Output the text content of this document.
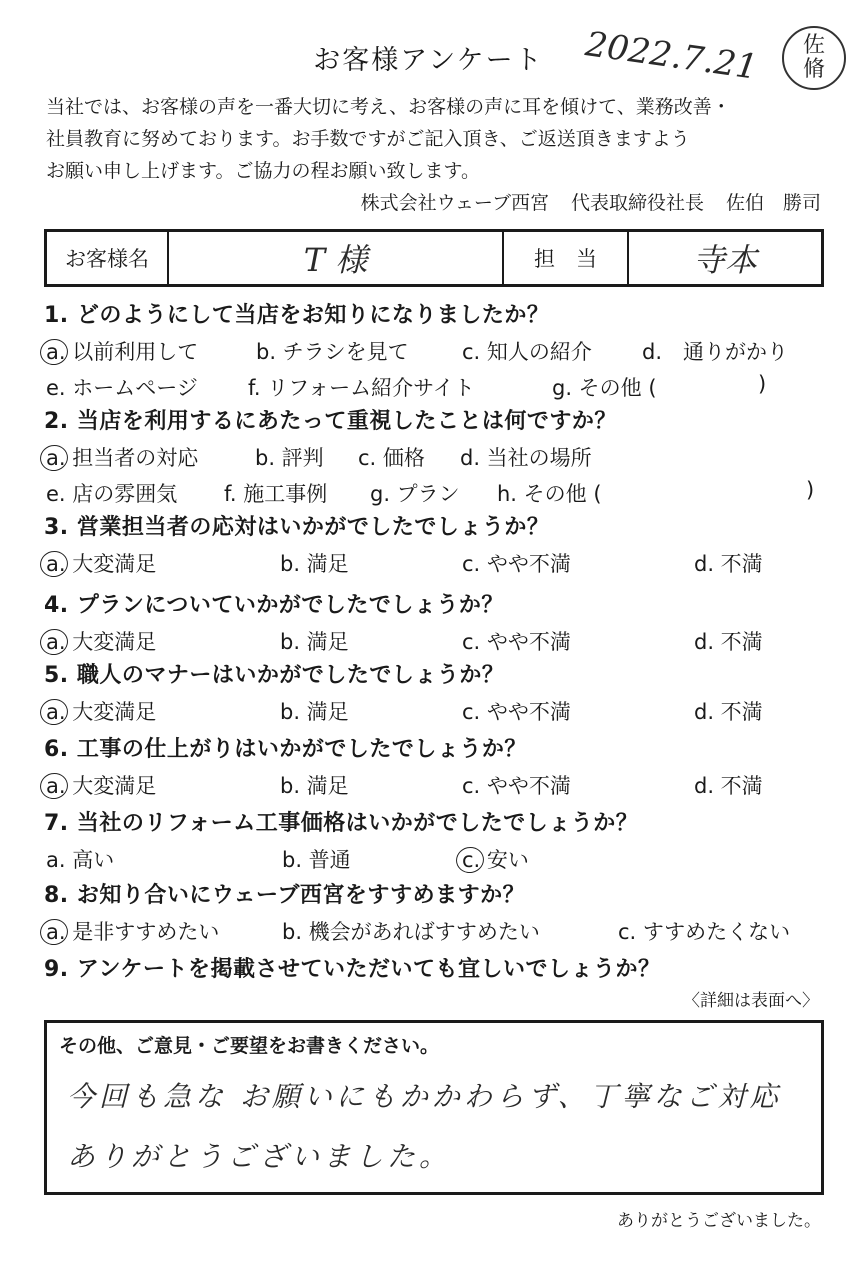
お客様アンケート	2022.7.21 佐
脩
当社では、お客様の声を一番大切に考え、お客様の声に耳を傾けて、業務改善・
社員教育に努めております。お手数ですがご記入頂き、ご返送頂きますよう
お願い申し上げます。ご協力の程お願い致します。
株式会社ウェーブ西宮 代表取締役社長 佐伯　勝司
お客様名	T 様	担　当	寺本
1. どのようにして当店をお知りになりましたか？
a. 以前利用して	b. チラシを見て	c. 知人の紹介 d.　通りがかり
e. ホームページ f. リフォーム紹介サイト	g. その他 (	)
2. 当店を利用するにあたって重視したことは何ですか？
a. 担当者の対応	b. 評判 c. 価格 d. 当社の場所
e. 店の雰囲気 f. 施工事例 g. プラン h. その他 (	)
3. 営業担当者の応対はいかがでしたでしょうか？
a. 大変満足	b. 満足	c. やや不満	d. 不満
4. プランについていかがでしたでしょうか？
a. 大変満足	b. 満足	c. やや不満	d. 不満
5. 職人のマナーはいかがでしたでしょうか？
a. 大変満足	b. 満足	c. やや不満	d. 不満
6. 工事の仕上がりはいかがでしたでしょうか？
a. 大変満足	b. 満足	c. やや不満	d. 不満
7. 当社のリフォーム工事価格はいかがでしたでしょうか？
a. 高い	b. 普通	c. 安い
8. お知り合いにウェーブ西宮をすすめますか？
a. 是非すすめたい	b. 機会があればすすめたい	c. すすめたくない
9. アンケートを掲載させていただいても宜しいでしょうか？
〈詳細は表面へ〉
その他、ご意見・ご要望をお書きください。
今回も急な お願いにもかかわらず、丁寧なご対応
ありがとうございました。
ありがとうございました。
